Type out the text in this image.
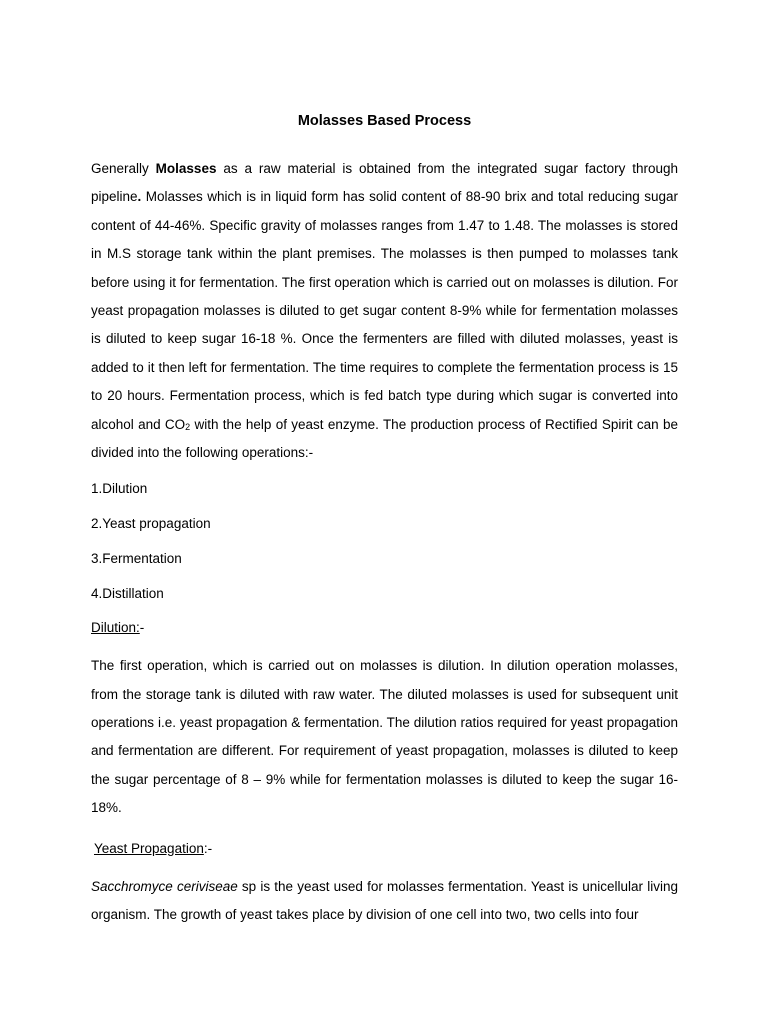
Molasses Based Process

Generally Molasses as a raw material is obtained from the integrated sugar factory through pipeline. Molasses which is in liquid form has solid content of 88-90 brix and total reducing sugar content of 44-46%. Specific gravity of molasses ranges from 1.47 to 1.48. The molasses is stored in M.S storage tank within the plant premises. The molasses is then pumped to molasses tank before using it for fermentation. The first operation which is carried out on molasses is dilution. For yeast propagation molasses is diluted to get sugar content 8-9% while for fermentation molasses is diluted to keep sugar 16-18 %. Once the fermenters are filled with diluted molasses, yeast is added to it then left for fermentation. The time requires to complete the fermentation process is 15 to 20 hours. Fermentation process, which is fed batch type during which sugar is converted into alcohol and $CO_2$ with the help of yeast enzyme. The production process of Rectified Spirit can be divided into the following operations:-

1.Dilution
2.Yeast propagation
3.Fermentation
4.Distillation
Dilution:-

The first operation, which is carried out on molasses is dilution. In dilution operation molasses, from the storage tank is diluted with raw water. The diluted molasses is used for subsequent unit operations i.e. yeast propagation & fermentation. The dilution ratios required for yeast propagation and fermentation are different. For requirement of yeast propagation, molasses is diluted to keep the sugar percentage of 8 – 9% while for fermentation molasses is diluted to keep the sugar 16-18%.

Yeast Propagation:-

Sacchromyce ceriviseae sp is the yeast used for molasses fermentation. Yeast is unicellular living organism. The growth of yeast takes place by division of one cell into two, two cells into four
